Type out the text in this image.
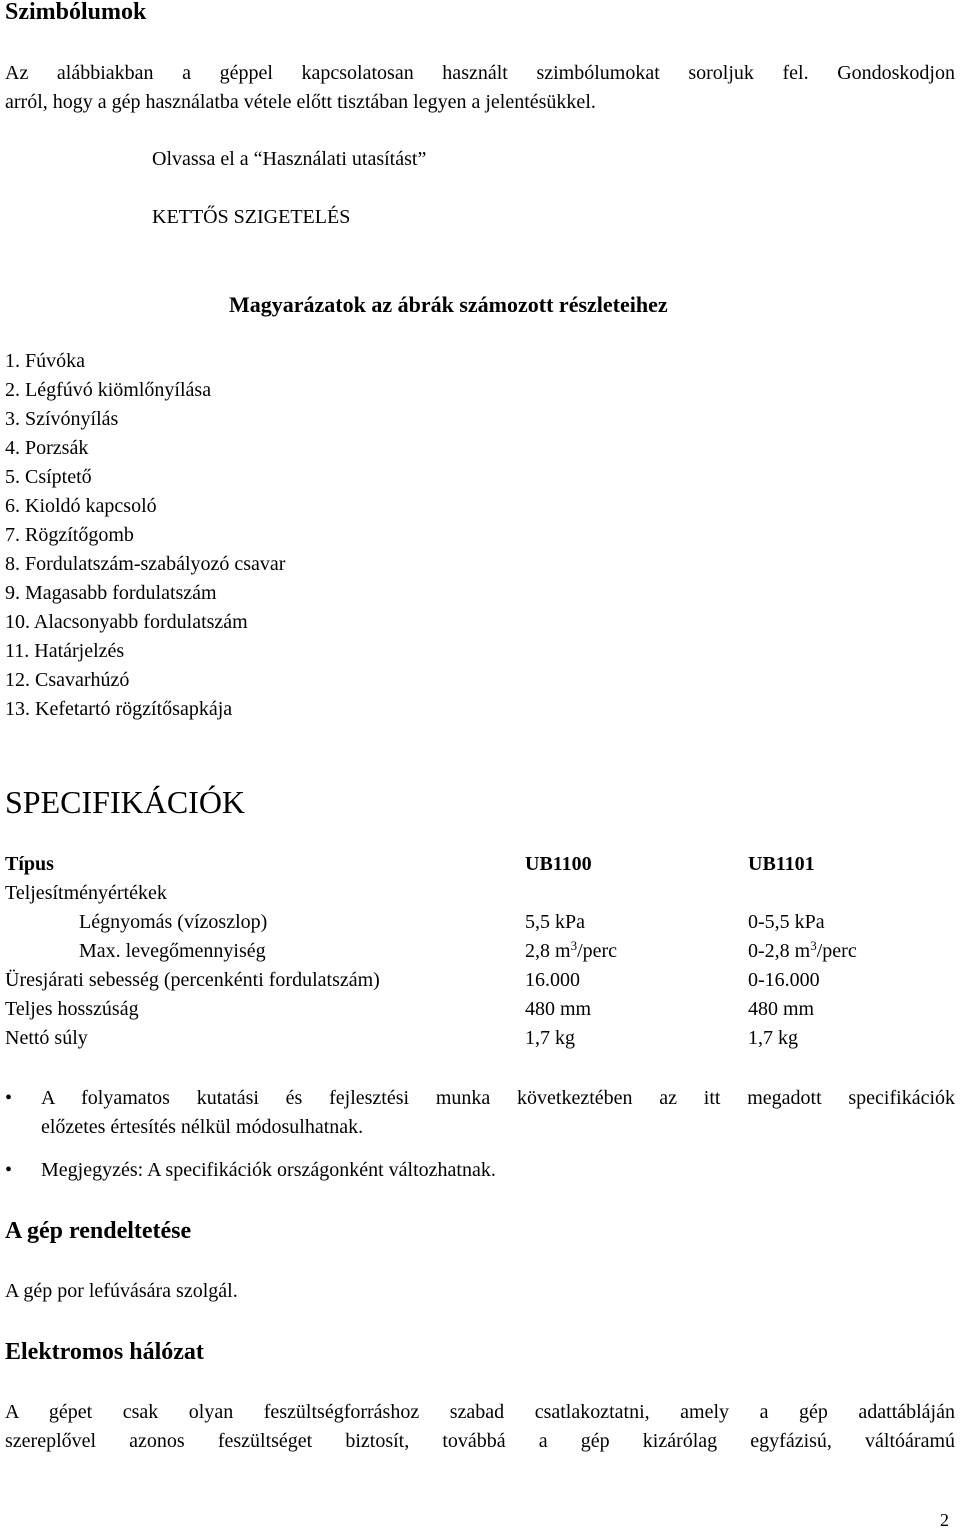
Szimbólumok
Az alábbiakban a géppel kapcsolatosan használt szimbólumokat soroljuk fel. Gondoskodjon
arról, hogy a gép használatba vétele előtt tisztában legyen a jelentésükkel.
Olvassa el a “Használati utasítást”
KETTŐS SZIGETELÉS
Magyarázatok az ábrák számozott részleteihez
1. Fúvóka
2. Légfúvó kiömlőnyílása
3. Szívónyílás
4. Porzsák
5. Csíptető
6. Kioldó kapcsoló
7. Rögzítőgomb
8. Fordulatszám-szabályozó csavar
9. Magasabb fordulatszám
10. Alacsonyabb fordulatszám
11. Határjelzés
12. Csavarhúzó
13. Kefetartó rögzítősapkája
SPECIFIKÁCIÓK
Típus	UB1100	UB1101
Teljesítményértékek
Légnyomás (vízoszlop)	5,5 kPa	0-5,5 kPa
Max. levegőmennyiség	2,8 $m^3$/perc	0-2,8 $m^3$/perc
Üresjárati sebesség (percenkénti fordulatszám)	16.000	0-16.000
Teljes hosszúság	480 mm	480 mm
Nettó súly	1,7 kg	1,7 kg
• A folyamatos kutatási és fejlesztési munka következtében az itt megadott specifikációk
előzetes értesítés nélkül módosulhatnak.
• Megjegyzés: A specifikációk országonként változhatnak.
A gép rendeltetése
A gép por lefúvására szolgál.
Elektromos hálózat
A gépet csak olyan feszültségforráshoz szabad csatlakoztatni, amely a gép adattábláján
szereplővel azonos feszültséget biztosít, továbbá a gép kizárólag egyfázisú, váltóáramú
2
